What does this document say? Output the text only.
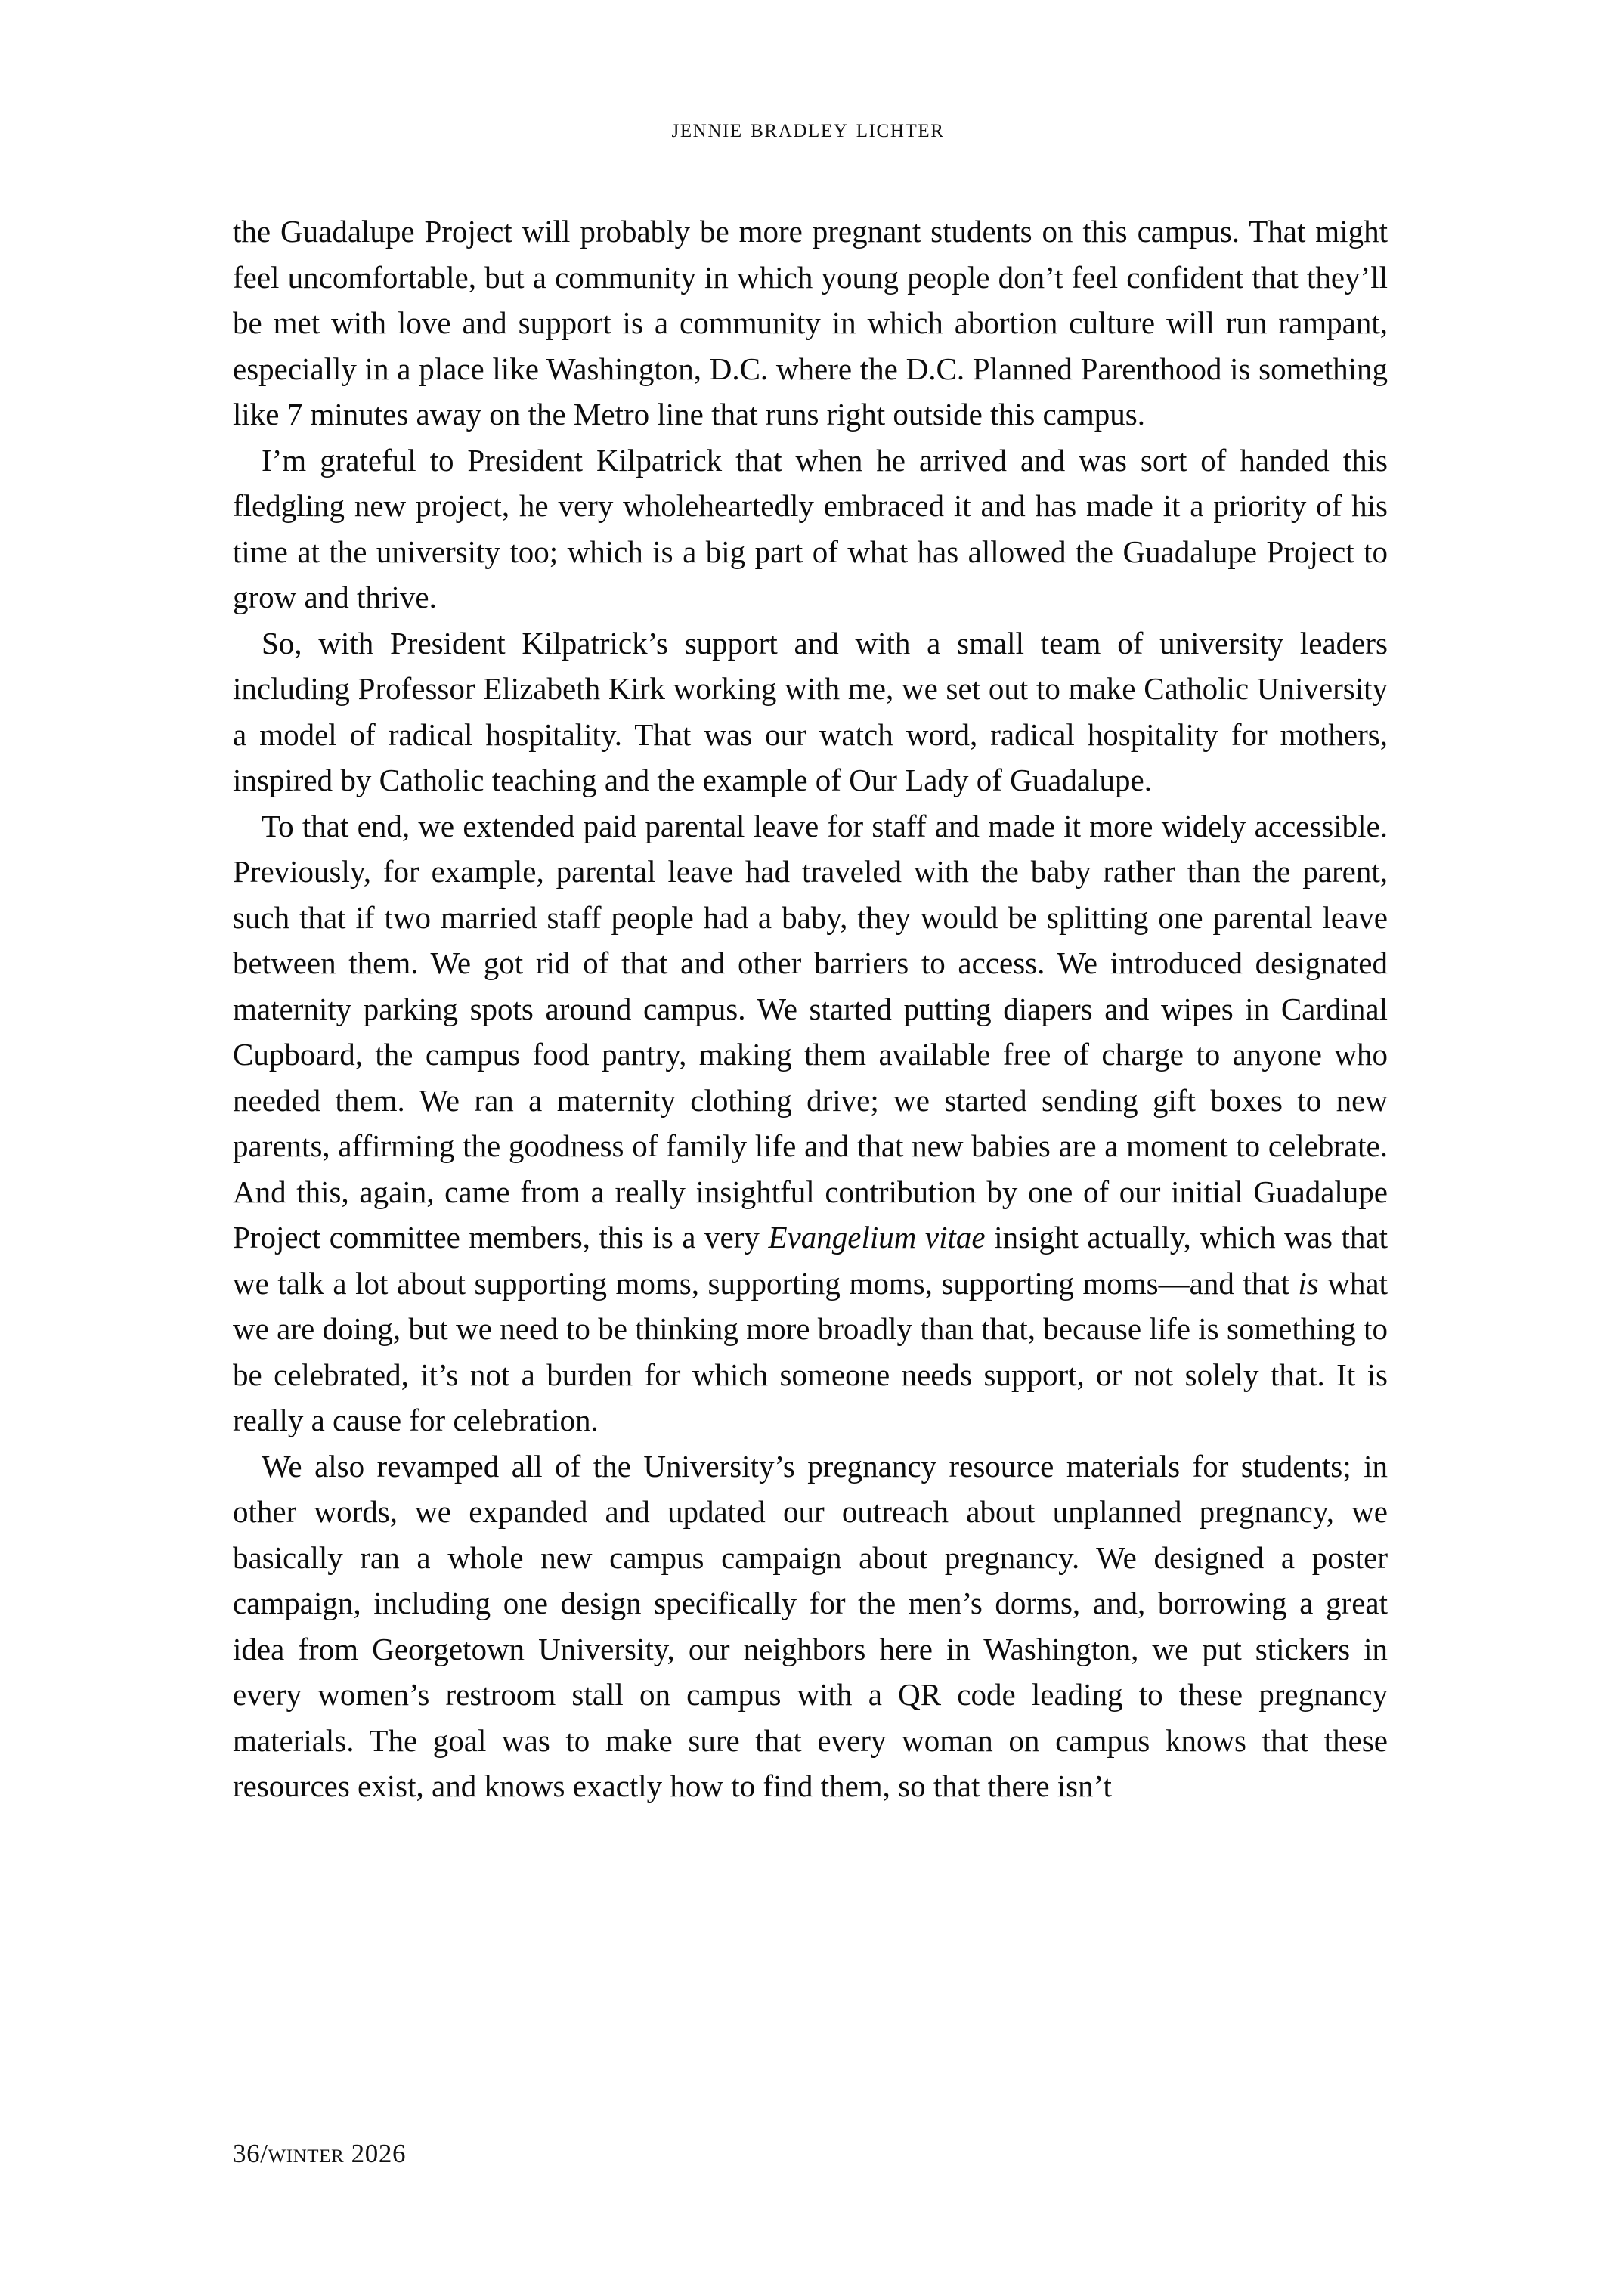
jennie bradley lichter

the Guadalupe Project will probably be more pregnant students on this campus. That might feel uncomfortable, but a community in which young people don’t feel confident that they’ll be met with love and support is a community in which abortion culture will run rampant, especially in a place like Washington, D.C. where the D.C. Planned Parenthood is something like 7 minutes away on the Metro line that runs right outside this campus.

I’m grateful to President Kilpatrick that when he arrived and was sort of handed this fledgling new project, he very wholeheartedly embraced it and has made it a priority of his time at the university too; which is a big part of what has allowed the Guadalupe Project to grow and thrive.

So, with President Kilpatrick’s support and with a small team of university leaders including Professor Elizabeth Kirk working with me, we set out to make Catholic University a model of radical hospitality. That was our watch word, radical hospitality for mothers, inspired by Catholic teaching and the example of Our Lady of Guadalupe.

To that end, we extended paid parental leave for staff and made it more widely accessible. Previously, for example, parental leave had traveled with the baby rather than the parent, such that if two married staff people had a baby, they would be splitting one parental leave between them. We got rid of that and other barriers to access. We introduced designated maternity parking spots around campus. We started putting diapers and wipes in Cardinal Cupboard, the campus food pantry, making them available free of charge to anyone who needed them. We ran a maternity clothing drive; we started sending gift boxes to new parents, affirming the goodness of family life and that new babies are a moment to celebrate. And this, again, came from a really insightful contribution by one of our initial Guadalupe Project committee members, this is a very Evangelium vitae insight actually, which was that we talk a lot about supporting moms, supporting moms, supporting moms—and that is what we are doing, but we need to be thinking more broadly than that, because life is something to be celebrated, it’s not a burden for which someone needs support, or not solely that. It is really a cause for celebration.

We also revamped all of the University’s pregnancy resource materials for students; in other words, we expanded and updated our outreach about unplanned pregnancy, we basically ran a whole new campus campaign about pregnancy. We designed a poster campaign, including one design specifically for the men’s dorms, and, borrowing a great idea from Georgetown University, our neighbors here in Washington, we put stickers in every women’s restroom stall on campus with a QR code leading to these pregnancy materials. The goal was to make sure that every woman on campus knows that these resources exist, and knows exactly how to find them, so that there isn’t

36/winter 2026
